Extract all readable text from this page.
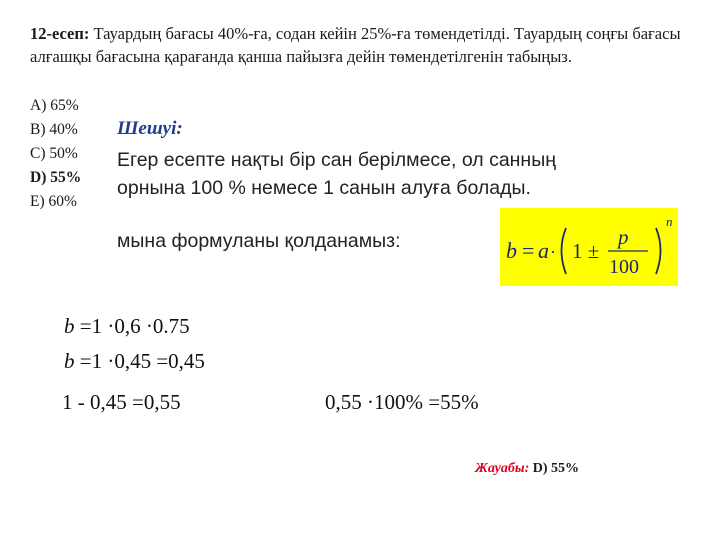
12-есеп: Тауардың бағасы 40%-ға, содан кейін 25%-ға төмендетілді. Тауардың соңғы бағасы алғашқы бағасына қарағанда қанша пайызға дейін төмендетілгенін табыңыз.
A) 65%
B) 40%
C) 50%
D) 55%
E) 60%
Шешуі:
Егер есепте нақты бір сан берілмесе, ол санның
орнына 100 % немесе 1 санын алуға болады.
мына формуланы қолданамыз:	b = a · 1 ±
p
100
n
b =1 ·0,6 ·0.75
b =1 ·0,45 =0,45
1 - 0,45 =0,55	0,55 ·100% =55%
Жауабы: D) 55%
